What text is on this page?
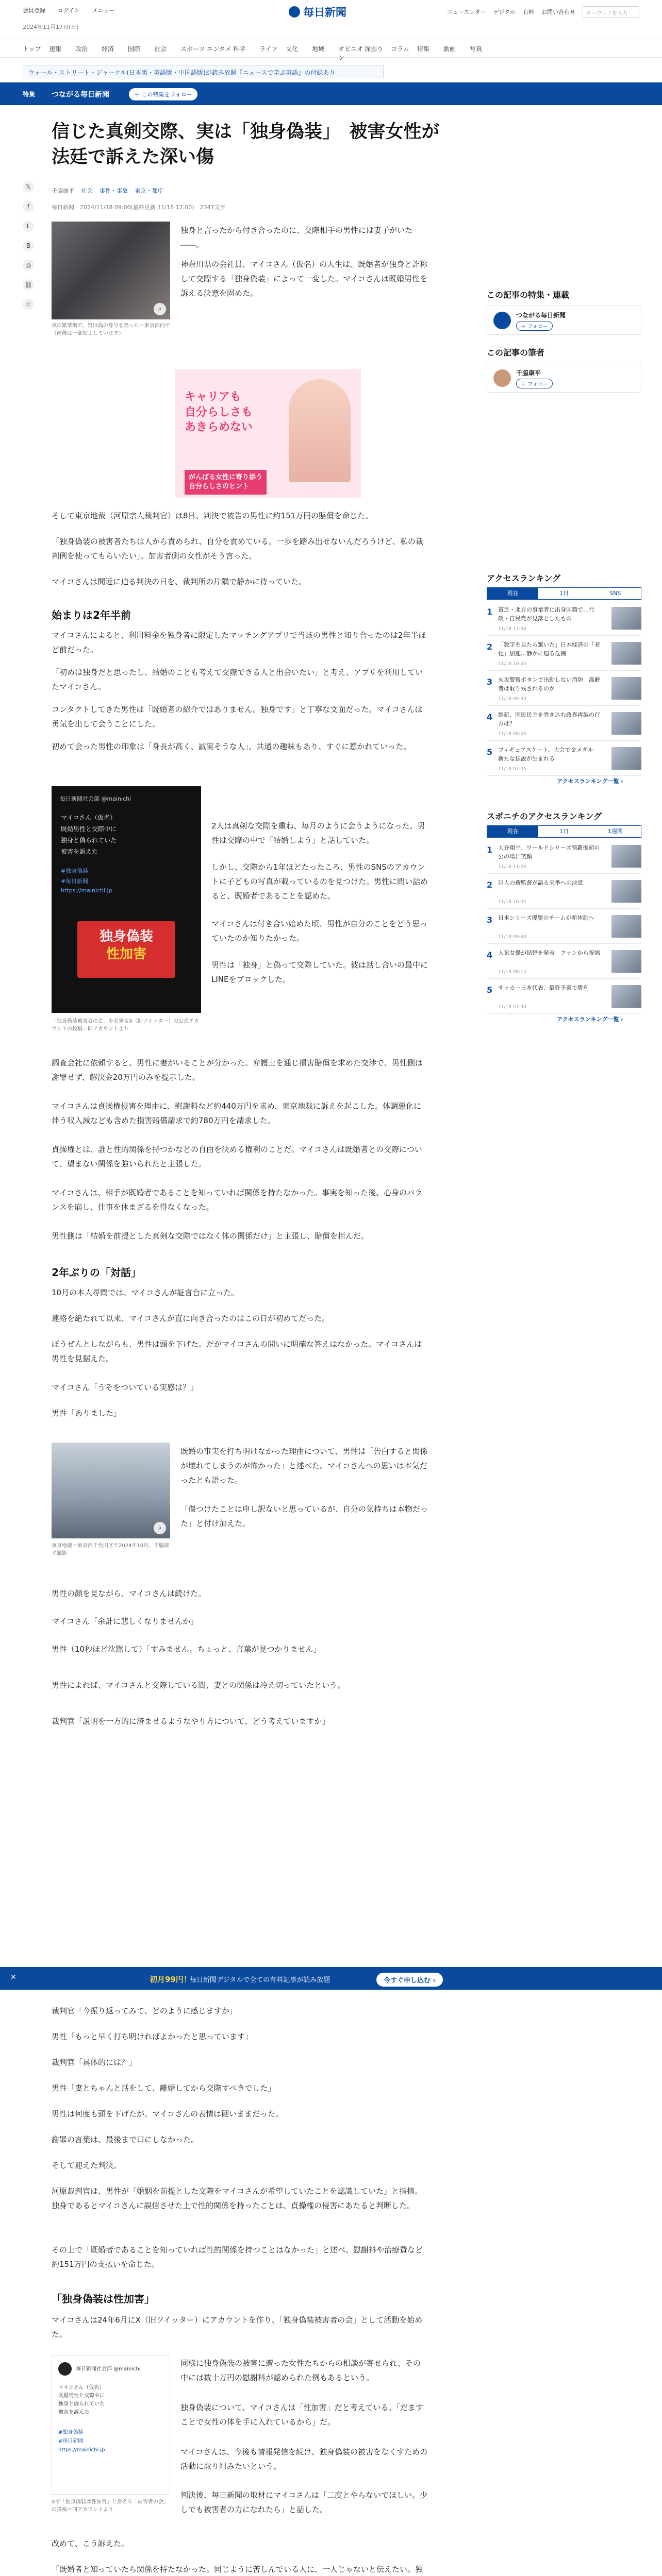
会員登録 ログイン メニュー
2024年11月17日(日)
毎日新聞	ニュースレター デジタル 有料 お問い合わせ	キーワードを入力
トップ	速報	政治	経済	国際	社会	スポーツ エンタメ 科学	ライフ	文化	地域	オピニオン
深掘り	コラム	特集	動画	写真
ウォール・ストリート・ジャーナル(日本版・英語版・中国語版)が読み放題『ニュースで学ぶ英語』の付録あり
特集 つながる毎日新聞	＋ この特集をフォロー
𝕏
f
L
B
⎙
⛓
☆
信じた真剣交際、実は「独身偽装」　被害女性が法廷で訴えた深い傷
千脇康平 社会 事件・事故 東京・都庁
毎日新聞　2024/11/18 09:00(最終更新 11/18 12:00)　2347文字
⌕
夜の繁華街で、男は偽の身分を語った＝東京都内で（画像は一部加工しています）
独身と言ったから付き合ったのに、交際相手の男性には妻子がいた――。
神奈川県の会社員、マイコさん（仮名）の人生は、既婚者が独身と詐称して交際する「独身偽装」によって一変した。マイコさんは既婚男性を訴える決意を固めた。
キャリアも
自分らしさも
あきらめない
がんばる女性に寄り添う
自分らしさのヒント
そして東京地裁（河原宗人裁判官）は8日、判決で被告の男性に約151万円の賠償を命じた。
「独身偽装の被害者たちは人から責められ、自分を責めている。一歩を踏み出せないんだろうけど、私の裁判例を使ってもらいたい」。加害者側の女性がそう言った。
マイコさんは間近に迫る判決の日を、裁判所の片隅で静かに待っていた。
始まりは2年半前
マイコさんによると、利用料金を独身者に限定したマッチングアプリで当該の男性と知り合ったのは2年半ほど前だった。
「初めは独身だと思ったし、結婚のことも考えて交際できる人と出会いたい」と考え、アプリを利用していたマイコさん。
コンタクトしてきた男性は「既婚者の紹介ではありません。独身です」と丁寧な文面だった。マイコさんは勇気を出して会うことにした。
初めて会った男性の印象は「身長が高く、誠実そうな人」。共通の趣味もあり、すぐに惹かれていった。
毎日新聞社会部 @mainichi
マイコさん（仮名）
既婚男性と交際中に
独身と偽られていた
被害を訴えた
#独身偽装
#毎日新聞
https://mainichi.jp
独身偽装
性加害
「独身偽装被害者の会」を名乗るX（旧ツイッター）の公式アカウントの投稿＝同アカウントより
2人は真剣な交際を重ね、毎月のように会うようになった。男性は交際の中で「結婚しよう」と話していた。
しかし、交際から1年ほどたったころ、男性のSNSのアカウントに子どもの写真が載っているのを見つけた。男性に問い詰めると、既婚者であることを認めた。
マイコさんは付き合い始めた頃、男性が自分のことをどう思っていたのか知りたかった。
男性は「独身」と偽って交際していた。彼は話し合いの最中にLINEをブロックした。
調査会社に依頼すると、男性に妻がいることが分かった。弁護士を通じ損害賠償を求めた交渉で、男性側は謝罪せず、解決金20万円のみを提示した。
マイコさんは貞操権侵害を理由に、慰謝料など約440万円を求め、東京地裁に訴えを起こした。体調悪化に伴う収入減なども含めた損害賠償請求で約780万円を請求した。
貞操権とは、誰と性的関係を持つかなどの自由を決める権利のことだ。マイコさんは既婚者との交際について、望まない関係を強いられたと主張した。
マイコさんは、相手が既婚者であることを知っていれば関係を持たなかった。事実を知った後、心身のバランスを崩し、仕事を休まざるを得なくなった。
男性側は「結婚を前提とした真剣な交際ではなく体の関係だけ」と主張し、賠償を拒んだ。
2年ぶりの「対話」
10月の本人尋問では、マイコさんが証言台に立った。
連絡を絶たれて以来、マイコさんが直に向き合ったのはこの日が初めてだった。
ぼうぜんとしながらも、男性は頭を下げた。だがマイコさんの問いに明確な答えはなかった。マイコさんは男性を見据えた。
マイコさん「うそをついている実感は？」
男性「ありました」
⌕
東京地裁＝東京都千代田区で2024年10月、千脇康平撮影
既婚の事実を打ち明けなかった理由について、男性は「告白すると関係が壊れてしまうのが怖かった」と述べた。マイコさんへの思いは本気だったとも語った。
「傷つけたことは申し訳ないと思っているが、自分の気持ちは本物だった」と付け加えた。
男性の顔を見ながら、マイコさんは続けた。
マイコさん「余計に悲しくなりませんか」
男性（10秒ほど沈黙して）「すみません。ちょっと、言葉が見つかりません」
男性によれば、マイコさんと交際している間、妻との関係は冷え切っていたという。
裁判官「説明を一方的に済ませるようなやり方について、どう考えていますか」
✕	初月99円！
毎日新聞デジタルで全ての有料記事が読み放題	今すぐ申し込む ›
裁判官「今振り返ってみて、どのように感じますか」
男性「もっと早く打ち明ければよかったと思っています」
裁判官「具体的には？」
男性「妻とちゃんと話をして、離婚してから交際すべきでした」
男性は何度も頭を下げたが、マイコさんの表情は硬いままだった。
謝罪の言葉は、最後まで口にしなかった。
そして迎えた判決。
河原裁判官は、男性が「婚姻を前提とした交際をマイコさんが希望していたことを認識していた」と指摘。独身であるとマイコさんに誤信させた上で性的関係を持ったことは、貞操権の侵害にあたると判断した。
その上で「既婚者であることを知っていれば性的関係を持つことはなかった」と述べ、慰謝料や治療費など約151万円の支払いを命じた。
「独身偽装は性加害」
マイコさんは24年6月にX（旧ツイッター）にアカウントを作り、「独身偽装被害者の会」として活動を始めた。
毎日新聞社会部 @mainichi
マイコさん（仮名）
既婚男性と交際中に
独身と偽られていた
被害を訴えた
#独身偽装
#毎日新聞
https://mainichi.jp
Xで「独身偽装は性加害」と訴える「被害者の会」の投稿＝同アカウントより
同様に独身偽装の被害に遭った女性たちからの相談が寄せられ、その中には数十万円の慰謝料が認められた例もあるという。
独身偽装について、マイコさんは「性加害」だと考えている。「だますことで女性の体を手に入れているから」だ。
マイコさんは、今後も情報発信を続け、独身偽装の被害をなくすための活動に取り組みたいという。
判決後、毎日新聞の取材にマイコさんは「二度とやらないでほしい。少しでも被害者の力になれたら」と話した。
改めて、こう訴えた。
「既婚者と知っていたら関係を持たなかった。同じように苦しんでいる人に、一人じゃないと伝えたい。独
この記事の特集・連載
つながる毎日新聞
＋ フォロー
この記事の筆者
千脇康平
＋ フォロー
アクセスランキング
現在	1日	SNS
1 貧乏・北方の事業者に出身国籍で…行政・自民党が見落としたもの
11/18 12:50
2 「数字を見たら驚いた」日本経済の「老化」加速…静かに迫る危機
11/18 10:45
3 火災警報ボタンで出動しない消防　高齢者は取り残されるのか
11/18 09:33
4 維新、国民民主を巻き込む政界再編の行方は？
11/18 08:20
5 フィギュアスケート、大会で金メダル　新たな伝説が生まれる
11/18 07:05
アクセスランキング一覧 ›
スポニチのアクセスランキング
現在	1日	1週間
1 大谷翔平、ワールドシリーズ制覇後初の公の場に笑顔
11/18 11:20
2 巨人の新監督が語る来季への決意
11/18 10:02
3 日本シリーズ優勝のチームが新体制へ
11/18 09:40
4 人気女優が結婚を発表　ファンから祝福
11/18 08:15
5 サッカー日本代表、最終予選で勝利
11/18 07:30
アクセスランキング一覧 ›
